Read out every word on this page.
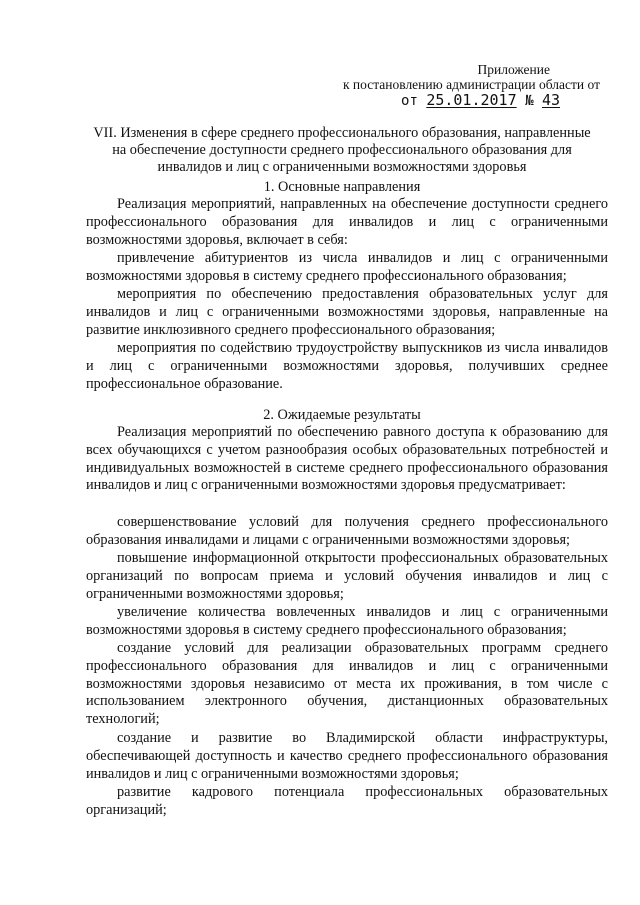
Приложение
к постановлению администрации области от
от 25.01.2017 № 43
VII. Изменения в сфере среднего профессионального образования, направленные на обеспечение доступности среднего профессионального образования для инвалидов и лиц с ограниченными возможностями здоровья
1. Основные направления
Реализация мероприятий, направленных на обеспечение доступности среднего профессионального образования для инвалидов и лиц с ограниченными возможностями здоровья, включает в себя:
привлечение абитуриентов из числа инвалидов и лиц с ограниченными возможностями здоровья в систему среднего профессионального образования;
мероприятия по обеспечению предоставления образовательных услуг для инвалидов и лиц с ограниченными возможностями здоровья, направленные на развитие инклюзивного среднего профессионального образования;
мероприятия по содействию трудоустройству выпускников из числа инвалидов и лиц с ограниченными возможностями здоровья, получивших среднее профессиональное образование.
2. Ожидаемые результаты
Реализация мероприятий по обеспечению равного доступа к образованию для всех обучающихся с учетом разнообразия особых образовательных потребностей и индивидуальных возможностей в системе среднего профессионального образования инвалидов и лиц с ограниченными возможностями здоровья предусматривает:
совершенствование условий для получения среднего профессионального образования инвалидами и лицами с ограниченными возможностями здоровья;
повышение информационной открытости профессиональных образовательных организаций по вопросам приема и условий обучения инвалидов и лиц с ограниченными возможностями здоровья;
увеличение количества вовлеченных инвалидов и лиц с ограниченными возможностями здоровья в систему среднего профессионального образования;
создание условий для реализации образовательных программ среднего профессионального образования для инвалидов и лиц с ограниченными возможностями здоровья независимо от места их проживания, в том числе с использованием электронного обучения, дистанционных образовательных технологий;
создание и развитие во Владимирской области инфраструктуры, обеспечивающей доступность и качество среднего профессионального образования инвалидов и лиц с ограниченными возможностями здоровья;
развитие кадрового потенциала профессиональных образовательных организаций;
